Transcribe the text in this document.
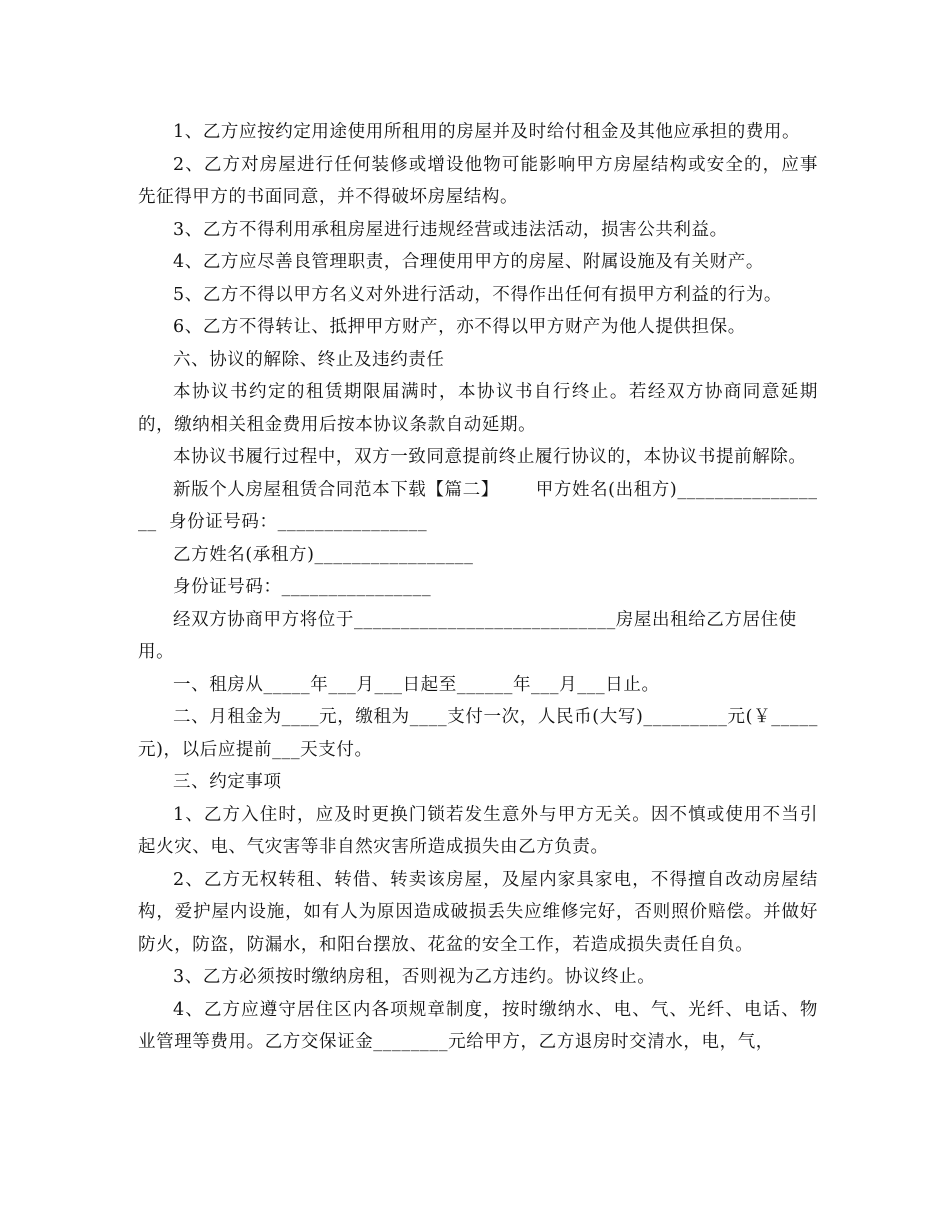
1、乙方应按约定用途使用所租用的房屋并及时给付租金及其他应承担的费用。

2、乙方对房屋进行任何装修或增设他物可能影响甲方房屋结构或安全的，应事先征得甲方的书面同意，并不得破坏房屋结构。

3、乙方不得利用承租房屋进行违规经营或违法活动，损害公共利益。

4、乙方应尽善良管理职责，合理使用甲方的房屋、附属设施及有关财产。

5、乙方不得以甲方名义对外进行活动，不得作出任何有损甲方利益的行为。

6、乙方不得转让、抵押甲方财产，亦不得以甲方财产为他人提供担保。

六、协议的解除、终止及违约责任

本协议书约定的租赁期限届满时，本协议书自行终止。若经双方协商同意延期的，缴纳相关租金费用后按本协议条款自动延期。

本协议书履行过程中，双方一致同意提前终止履行协议的，本协议书提前解除。

新版个人房屋租赁合同范本下载【篇二】      甲方姓名(出租方)_________________  身份证号码：________________

乙方姓名(承租方)_________________

身份证号码：________________

经双方协商甲方将位于____________________________房屋出租给乙方居住使用。

一、租房从_____年___月___日起至______年___月___日止。

二、月租金为____元，缴租为____支付一次，人民币(大写)_________元(￥_____元)，以后应提前___天支付。

三、约定事项

1、乙方入住时，应及时更换门锁若发生意外与甲方无关。因不慎或使用不当引起火灾、电、气灾害等非自然灾害所造成损失由乙方负责。

2、乙方无权转租、转借、转卖该房屋，及屋内家具家电，不得擅自改动房屋结构，爱护屋内设施，如有人为原因造成破损丢失应维修完好，否则照价赔偿。并做好防火，防盗，防漏水，和阳台摆放、花盆的安全工作，若造成损失责任自负。

3、乙方必须按时缴纳房租，否则视为乙方违约。协议终止。

4、乙方应遵守居住区内各项规章制度，按时缴纳水、电、气、光纤、电话、物业管理等费用。乙方交保证金________元给甲方，乙方退房时交清水，电，气，
